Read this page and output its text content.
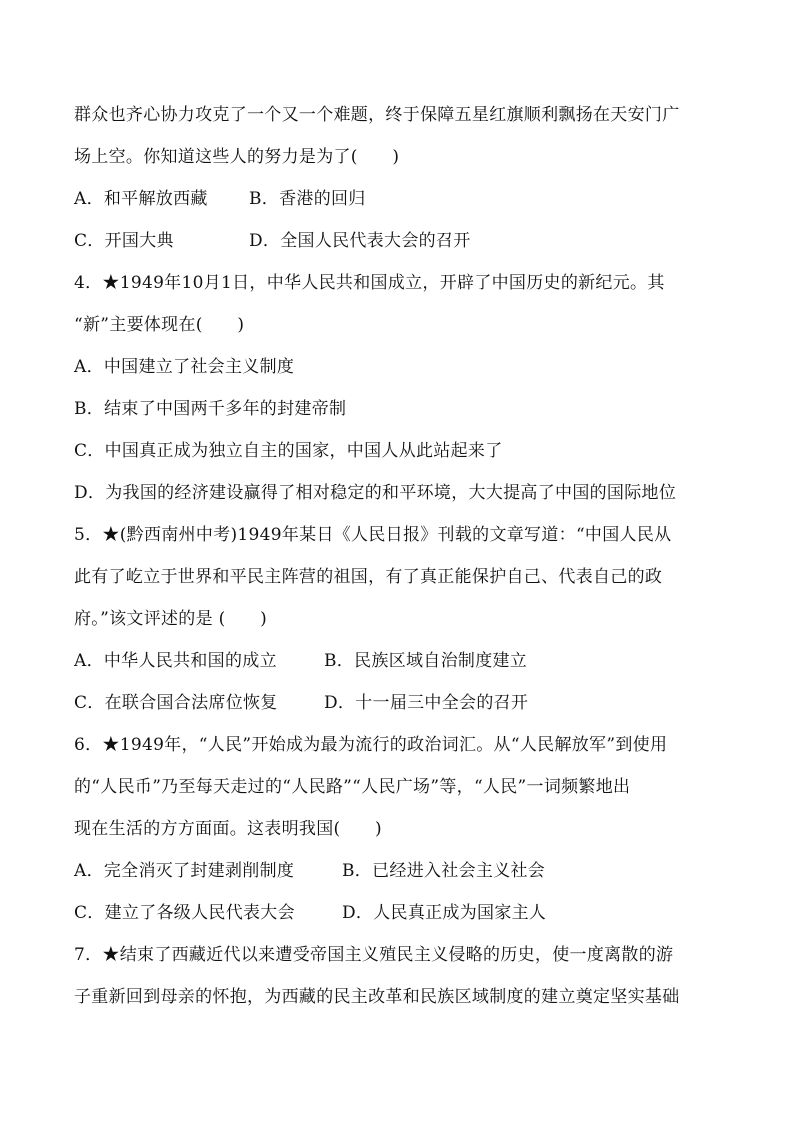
群众也齐心协力攻克了一个又一个难题，终于保障五星红旗顺利飘扬在天安门广
场上空。你知道这些人的努力是为了(　　)
A．和平解放西藏 B．香港的回归
C．开国大典	D．全国人民代表大会的召开
4．★1949年10月1日，中华人民共和国成立，开辟了中国历史的新纪元。其
“新”主要体现在(　　)
A．中国建立了社会主义制度
B．结束了中国两千多年的封建帝制
C．中国真正成为独立自主的国家，中国人从此站起来了
D．为我国的经济建设赢得了相对稳定的和平环境，大大提高了中国的国际地位
5．★(黔西南州中考)1949年某日《人民日报》刊载的文章写道：“中国人民从
此有了屹立于世界和平民主阵营的祖国，有了真正能保护自己、代表自己的政
府。”该文评述的是 (　　)
A．中华人民共和国的成立	B．民族区域自治制度建立
C．在联合国合法席位恢复	D．十一届三中全会的召开
6．★1949年，“人民”开始成为最为流行的政治词汇。从“人民解放军”到使用
的“人民币”乃至每天走过的“人民路”“人民广场”等，“人民”一词频繁地出
现在生活的方方面面。这表明我国(　　)
A．完全消灭了封建剥削制度	B．已经进入社会主义社会
C．建立了各级人民代表大会	D．人民真正成为国家主人
7．★结束了西藏近代以来遭受帝国主义殖民主义侵略的历史，使一度离散的游
子重新回到母亲的怀抱，为西藏的民主改革和民族区域制度的建立奠定坚实基础
